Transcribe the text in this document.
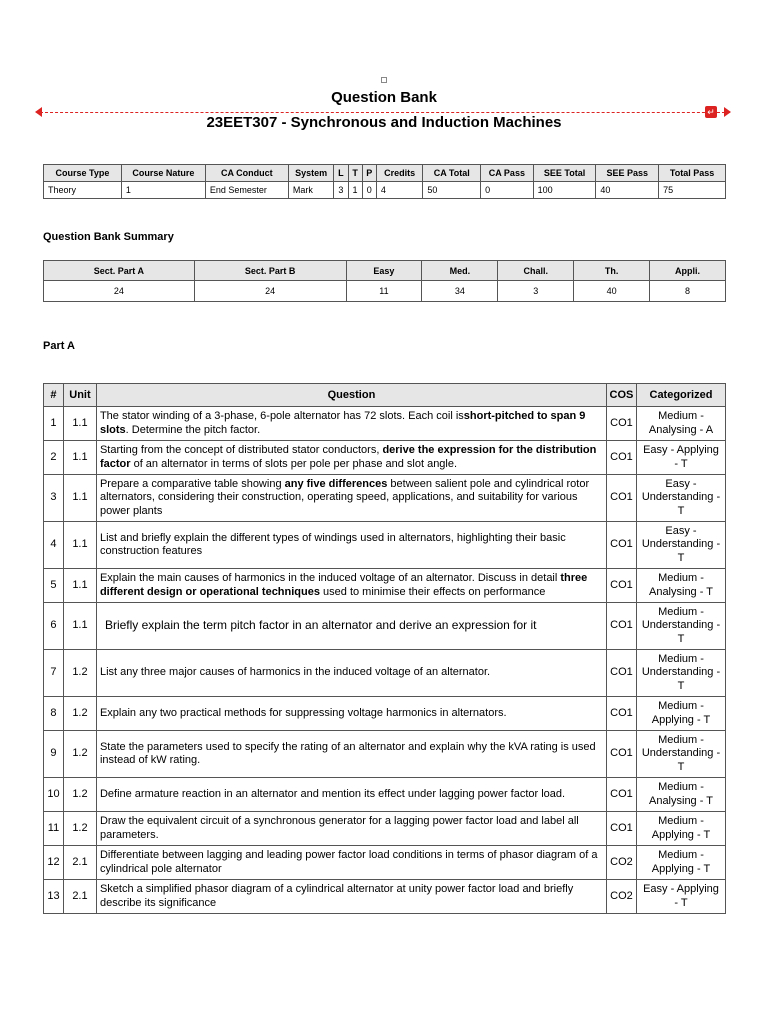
Question Bank
↵
23EET307 - Synchronous and Induction Machines
Course Type	Course Nature	CA Conduct	System	L	T	P	Credits	CA Total	CA Pass	SEE Total	SEE Pass	Total Pass
Theory	1	End Semester	Mark	3	1	0	4	50	0	100	40	75
Question Bank Summary
Sect. Part A	Sect. Part B	Easy	Med.	Chall.	Th.	Appli.
24	24	11	34	3	40	8
Part A
#	Unit	Question	COS	Categorized
1	1.1	The stator winding of a 3-phase, 6-pole alternator has 72 slots. Each coil isshort-pitched to span 9 slots. Determine the pitch factor.	CO1	Medium - Analysing - A
2	1.1	Starting from the concept of distributed stator conductors, derive the expression for the distribution factor of an alternator in terms of slots per pole per phase and slot angle.	CO1	Easy - Applying - T
3	1.1	Prepare a comparative table showing any five differences between salient pole and cylindrical rotor alternators, considering their construction, operating speed, applications, and suitability for various power plants	CO1	Easy - Understanding - T
4	1.1	List and briefly explain the different types of windings used in alternators, highlighting their basic construction features	CO1	Easy - Understanding - T
5	1.1	Explain the main causes of harmonics in the induced voltage of an alternator. Discuss in detail three different design or operational techniques used to minimise their effects on performance	CO1	Medium - Analysing - T
6	1.1	Briefly explain the term pitch factor in an alternator and derive an expression for it	CO1	Medium - Understanding - T
7	1.2	List any three major causes of harmonics in the induced voltage of an alternator.	CO1	Medium - Understanding - T
8	1.2	Explain any two practical methods for suppressing voltage harmonics in alternators.	CO1	Medium - Applying - T
9	1.2	State the parameters used to specify the rating of an alternator and explain why the kVA rating is used instead of kW rating.	CO1	Medium - Understanding - T
10	1.2	Define armature reaction in an alternator and mention its effect under lagging power factor load.	CO1	Medium - Analysing - T
11	1.2	Draw the equivalent circuit of a synchronous generator for a lagging power factor load and label all parameters.	CO1	Medium - Applying - T
12	2.1	Differentiate between lagging and leading power factor load conditions in terms of phasor diagram of a cylindrical pole alternator	CO2	Medium - Applying - T
13	2.1	Sketch a simplified phasor diagram of a cylindrical alternator at unity power factor load and briefly describe its significance	CO2	Easy - Applying - T
